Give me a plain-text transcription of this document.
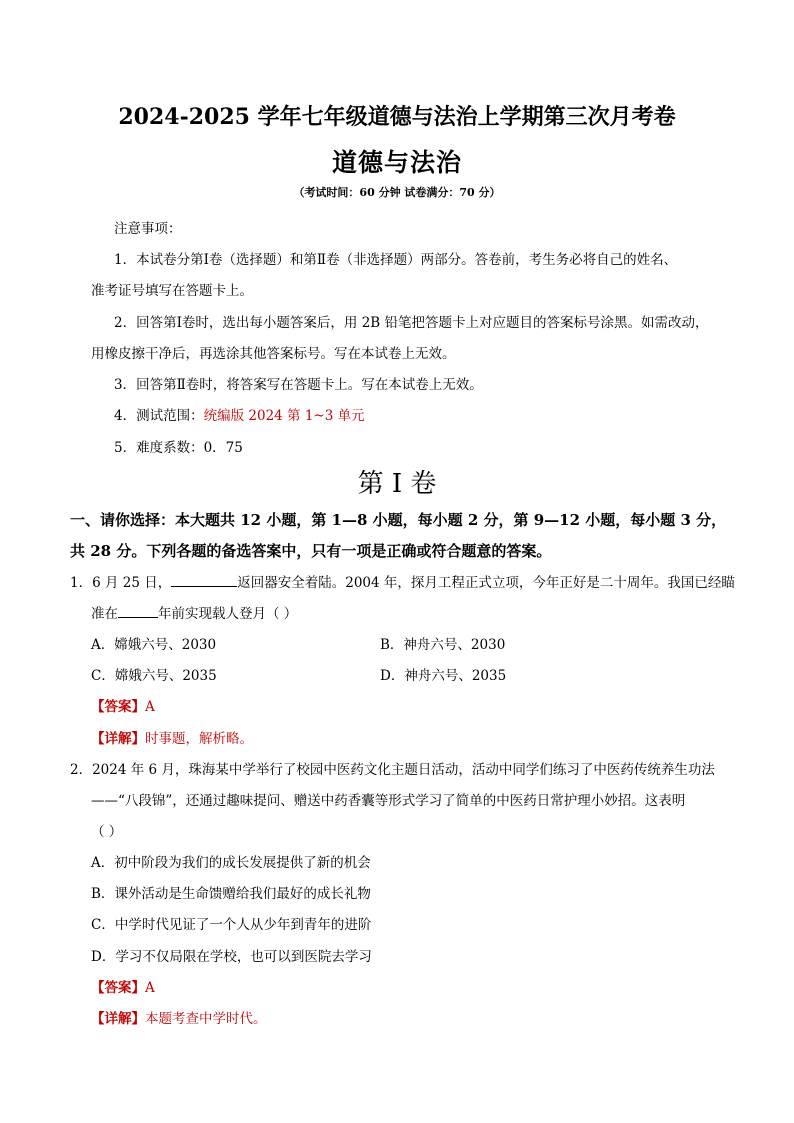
2024-2025 学年七年级道德与法治上学期第三次月考卷
道德与法治
（考试时间：60 分钟 试卷满分：70 分）
注意事项：
1．本试卷分第Ⅰ卷（选择题）和第Ⅱ卷（非选择题）两部分。答卷前，考生务必将自己的姓名、
准考证号填写在答题卡上。
2．回答第Ⅰ卷时，选出每小题答案后，用 2B 铅笔把答题卡上对应题目的答案标号涂黑。如需改动，
用橡皮擦干净后，再选涂其他答案标号。写在本试卷上无效。
3．回答第Ⅱ卷时，将答案写在答题卡上。写在本试卷上无效。
4．测试范围：统编版 2024 第 1~3 单元
5．难度系数：0．75
第 I 卷
一、请你选择：本大题共 12 小题，第 1—8 小题，每小题 2 分，第 9—12 小题，每小题 3 分，
共 28 分。下列各题的备选答案中，只有一项是正确或符合题意的答案。
1．6 月 25 日，	返回器安全着陆。2004 年，探月工程正式立项，今年正好是二十周年。我国已经瞄
准在	年前实现载人登月（ ）
A．嫦娥六号、2030	B．神舟六号、2030
C．嫦娥六号、2035	D．神舟六号、2035
【答案】A
【详解】时事题，解析略。
2．2024 年 6 月，珠海某中学举行了校园中医药文化主题日活动，活动中同学们练习了中医药传统养生功法
——“八段锦”，还通过趣味提问、赠送中药香囊等形式学习了简单的中医药日常护理小妙招。这表明
（ ）
A．初中阶段为我们的成长发展提供了新的机会
B．课外活动是生命馈赠给我们最好的成长礼物
C．中学时代见证了一个人从少年到青年的进阶
D．学习不仅局限在学校，也可以到医院去学习
【答案】A
【详解】本题考查中学时代。
